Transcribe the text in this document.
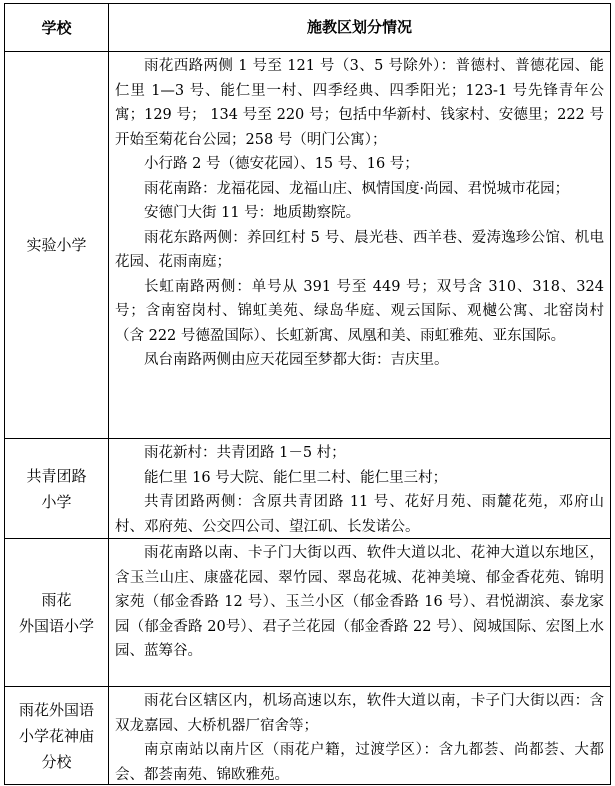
学校	施教区划分情况
实验小学

雨花西路两侧 1 号至 121 号（3、5 号除外）：普德村、普德花园、能仁里 1—3 号、能仁里一村、四季经典、四季阳光；123-1 号先锋青年公寓；129 号； 134 号至 220 号；包括中华新村、钱家村、安德里；222 号开始至菊花台公园；258 号（明门公寓）；

小行路 2 号（德安花园）、15 号、16 号；

雨花南路：龙福花园、龙福山庄、枫情国度·尚园、君悦城市花园；

安德门大街 11 号：地质勘察院。

雨花东路两侧：养回红村 5 号、晨光巷、西羊巷、爱涛逸珍公馆、机电花园、花雨南庭；

长虹南路两侧：单号从 391 号至 449 号；双号含 310、318、324 号；含南窑岗村、锦虹美苑、绿岛华庭、观云国际、观樾公寓、北窑岗村（含 222 号德盈国际）、长虹新寓、凤凰和美、雨虹雅苑、亚东国际。

凤台南路两侧由应天花园至梦都大街：吉庆里。

共青团路
小学

雨花新村：共青团路 1－5 村；

能仁里 16 号大院、能仁里二村、能仁里三村；

共青团路两侧：含原共青团路 11 号、花好月苑、雨麓花苑，邓府山村、邓府苑、公交四公司、望江矶、长发诺公。

雨花
外国语小学

雨花南路以南、卡子门大街以西、软件大道以北、花神大道以东地区，含玉兰山庄、康盛花园、翠竹园、翠岛花城、花神美境、郁金香花苑、锦明家苑（郁金香路 12 号）、玉兰小区（郁金香路 16 号）、君悦湖滨、泰龙家园（郁金香路 20号）、君子兰花园（郁金香路 22 号）、阅城国际、宏图上水园、蓝筹谷。

雨花外国语
小学花神庙
分校

雨花台区辖区内，机场高速以东，软件大道以南，卡子门大街以西：含双龙嘉园、大桥机器厂宿舍等；

南京南站以南片区（雨花户籍，过渡学区）：含九都荟、尚都荟、大都会、都荟南苑、锦欧雅苑。
